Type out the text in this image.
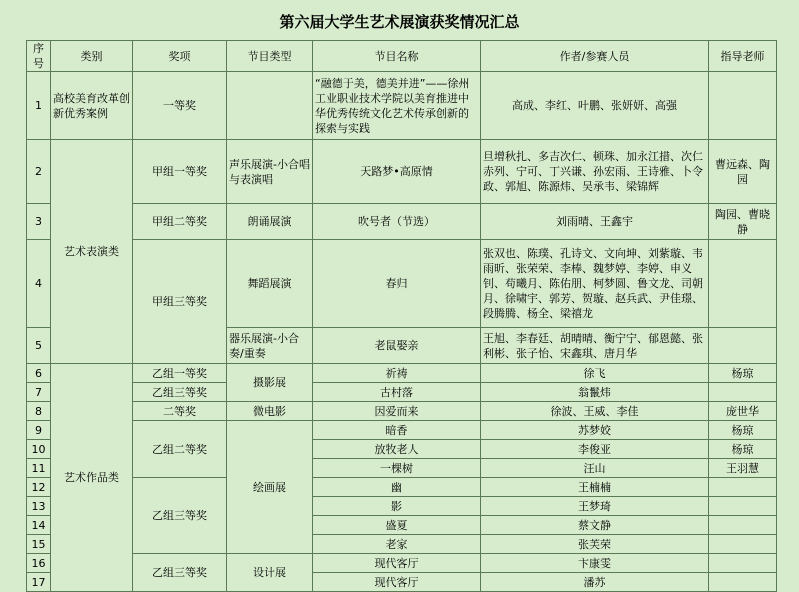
第六届大学生艺术展演获奖情况汇总
序号	类别	奖项	节目类型	节目名称	作者/参赛人员	指导老师
1	高校美育改革创新优秀案例	一等奖		“融德于美，德美并进”——徐州工业职业技术学院以美育推进中华优秀传统文化艺术传承创新的探索与实践	高成、李红、叶鹏、张妍妍、高强	
2	艺术表演类	甲组一等奖	声乐展演-小合唱与表演唱	天路梦•高原情	旦增秋扎、多吉次仁、顿珠、加永江措、次仁赤列、宁可、丁兴谦、孙宏雨、王诗雅、卜令政、郭旭、陈源炜、吴承韦、梁锦辉	曹远森、陶园
3		甲组二等奖	朗诵展演	吹号者（节选）	刘雨晴、王鑫宇	陶园、曹晓静
4		甲组三等奖	舞蹈展演	春归	张双也、陈璞、孔诗文、文向坤、刘紫璇、韦雨昕、张荣荣、李棒、魏梦婷、李婷、申义钊、苟曦月、陈佑朋、柯梦圆、鲁文龙、司朝月、徐啸宇、郭芳、贺璇、赵兵武、尹佳璟、段腾腾、杨全、梁禧龙	
5			器乐展演-小合奏/重奏	老鼠娶亲	王旭、李春廷、胡晴晴、衡宁宁、郁恩懿、张利彬、张子怡、宋鑫琪、唐月华	
6	艺术作品类	乙组一等奖	摄影展	祈祷	徐飞	杨琼
7		乙组三等奖		古村落	翁鬣炜	
8		二等奖	微电影	因爱而来	徐波、王威、李佳	庞世华
9		乙组二等奖	绘画展	暗香	苏梦姣	杨琼
10				放牧老人	李俊亚	杨琼
11				一棵树	汪山	王羽慧
12		乙组三等奖		幽	王楠楠	
13				影	王梦琦	
14				盛夏	蔡文静	
15				老家	张芙荣	
16		乙组三等奖	设计展	现代客厅	卞康雯	
17				现代客厅	潘苏	
